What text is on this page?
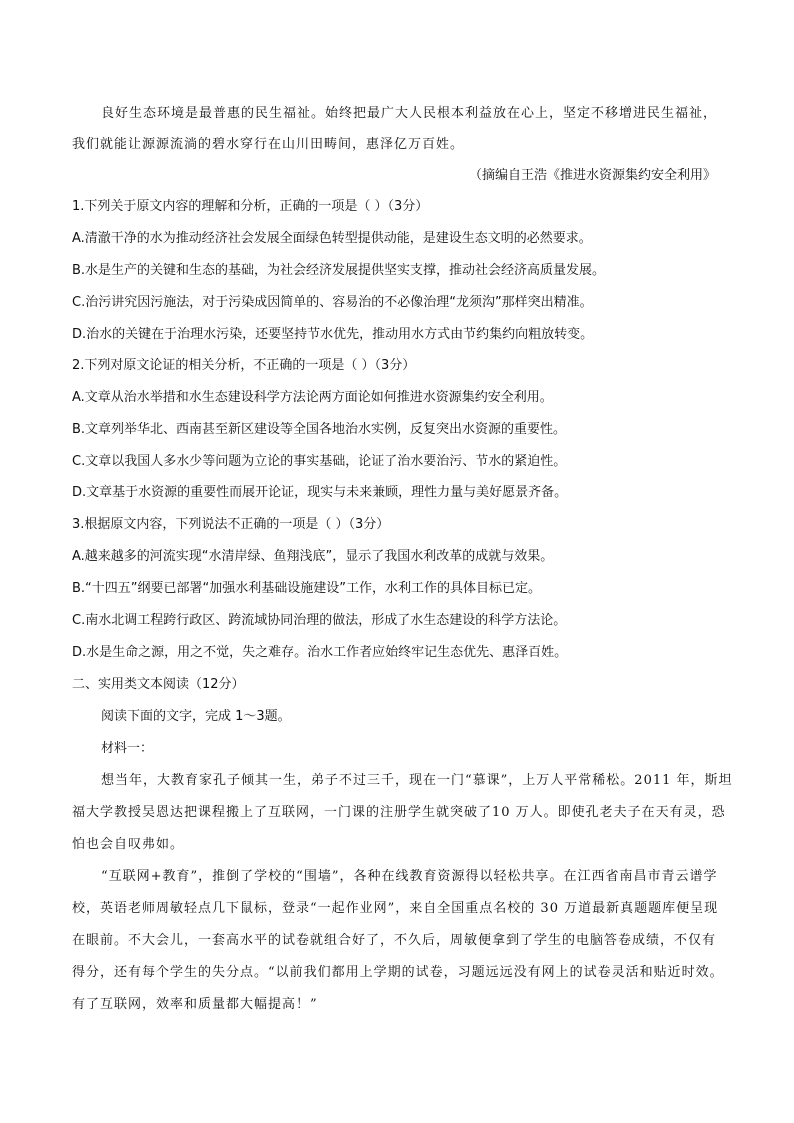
良好生态环境是最普惠的民生福祉。始终把最广大人民根本利益放在心上，坚定不移增进民生福祉，
我们就能让源源流淌的碧水穿行在山川田畴间，惠泽亿万百姓。
（摘编自王浩《推进水资源集约安全利用》
1.下列关于原文内容的理解和分析，正确的一项是（ ）（3分）
A.清澈干净的水为推动经济社会发展全面绿色转型提供动能，是建设生态文明的必然要求。
B.水是生产的关键和生态的基础，为社会经济发展提供坚实支撑，推动社会经济高质量发展。
C.治污讲究因污施法，对于污染成因简单的、容易治的不必像治理“龙须沟”那样突出精准。
D.治水的关键在于治理水污染，还要坚持节水优先，推动用水方式由节约集约向粗放转变。
2.下列对原文论证的相关分析，不正确的一项是（ ）（3分）
A.文章从治水举措和水生态建设科学方法论两方面论如何推进水资源集约安全利用。
B.文章列举华北、西南甚至新区建设等全国各地治水实例，反复突出水资源的重要性。
C.文章以我国人多水少等问题为立论的事实基础，论证了治水要治污、节水的紧迫性。
D.文章基于水资源的重要性而展开论证，现实与未来兼顾，理性力量与美好愿景齐备。
3.根据原文内容，下列说法不正确的一项是（ ）（3分）
A.越来越多的河流实现“水清岸绿、鱼翔浅底”，显示了我国水利改革的成就与效果。
B.“十四五”纲要已部署“加强水利基础设施建设”工作，水利工作的具体目标已定。
C.南水北调工程跨行政区、跨流域协同治理的做法，形成了水生态建设的科学方法论。
D.水是生命之源，用之不觉，失之难存。治水工作者应始终牢记生态优先、惠泽百姓。
二、实用类文本阅读（12分）
阅读下面的文字，完成 1～3题。
材料一：
想当年，大教育家孔子倾其一生，弟子不过三千，现在一门“慕课”，上万人平常稀松。2011 年，斯坦
福大学教授吴恩达把课程搬上了互联网，一门课的注册学生就突破了10 万人。即使孔老夫子在天有灵，恐
怕也会自叹弗如。
“互联网+教育”，推倒了学校的“围墙”，各种在线教育资源得以轻松共享。在江西省南昌市青云谱学
校，英语老师周敏轻点几下鼠标，登录“一起作业网”，来自全国重点名校的 30 万道最新真题题库便呈现
在眼前。不大会儿，一套高水平的试卷就组合好了，不久后，周敏便拿到了学生的电脑答卷成绩，不仅有
得分，还有每个学生的失分点。“以前我们都用上学期的试卷，习题远远没有网上的试卷灵活和贴近时效。
有了互联网，效率和质量都大幅提高！”
